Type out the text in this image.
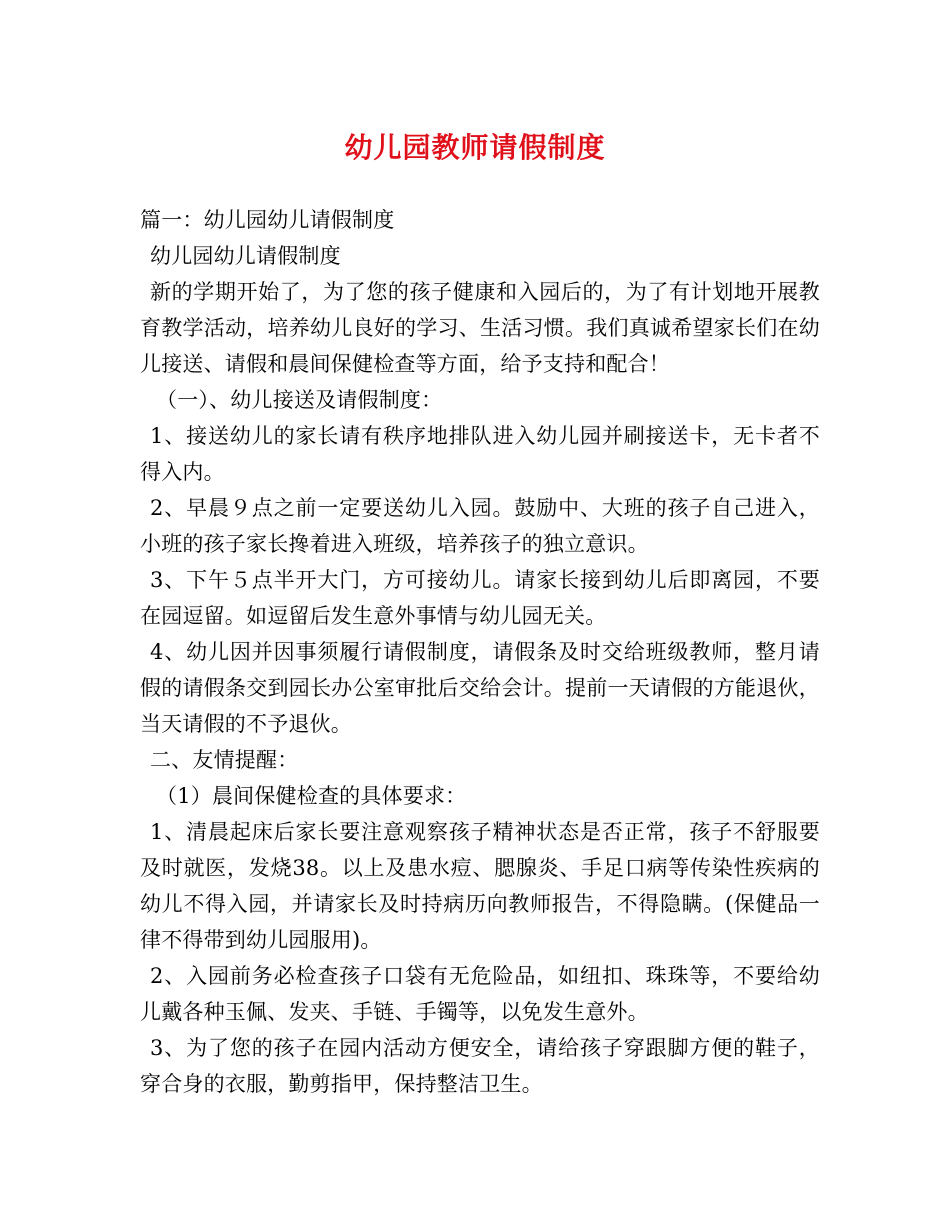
幼儿园教师请假制度

篇一：幼儿园幼儿请假制度

幼儿园幼儿请假制度

新的学期开始了，为了您的孩子健康和入园后的，为了有计划地开展教育教学活动，培养幼儿良好的学习、生活习惯。我们真诚希望家长们在幼儿接送、请假和晨间保健检查等方面，给予支持和配合！

（一）、幼儿接送及请假制度：

1、接送幼儿的家长请有秩序地排队进入幼儿园并刷接送卡，无卡者不得入内。

2、早晨９点之前一定要送幼儿入园。鼓励中、大班的孩子自己进入，小班的孩子家长搀着进入班级，培养孩子的独立意识。

3、下午５点半开大门，方可接幼儿。请家长接到幼儿后即离园，不要在园逗留。如逗留后发生意外事情与幼儿园无关。

4、幼儿因并因事须履行请假制度，请假条及时交给班级教师，整月请假的请假条交到园长办公室审批后交给会计。提前一天请假的方能退伙，当天请假的不予退伙。

二、友情提醒：

（1）晨间保健检查的具体要求：

1、清晨起床后家长要注意观察孩子精神状态是否正常，孩子不舒服要及时就医，发烧38。以上及患水痘、腮腺炎、手足口病等传染性疾病的幼儿不得入园，并请家长及时持病历向教师报告，不得隐瞒。(保健品一律不得带到幼儿园服用)。

2、入园前务必检查孩子口袋有无危险品，如纽扣、珠珠等，不要给幼儿戴各种玉佩、发夹、手链、手镯等，以免发生意外。

3、为了您的孩子在园内活动方便安全，请给孩子穿跟脚方便的鞋子，穿合身的衣服，勤剪指甲，保持整洁卫生。
